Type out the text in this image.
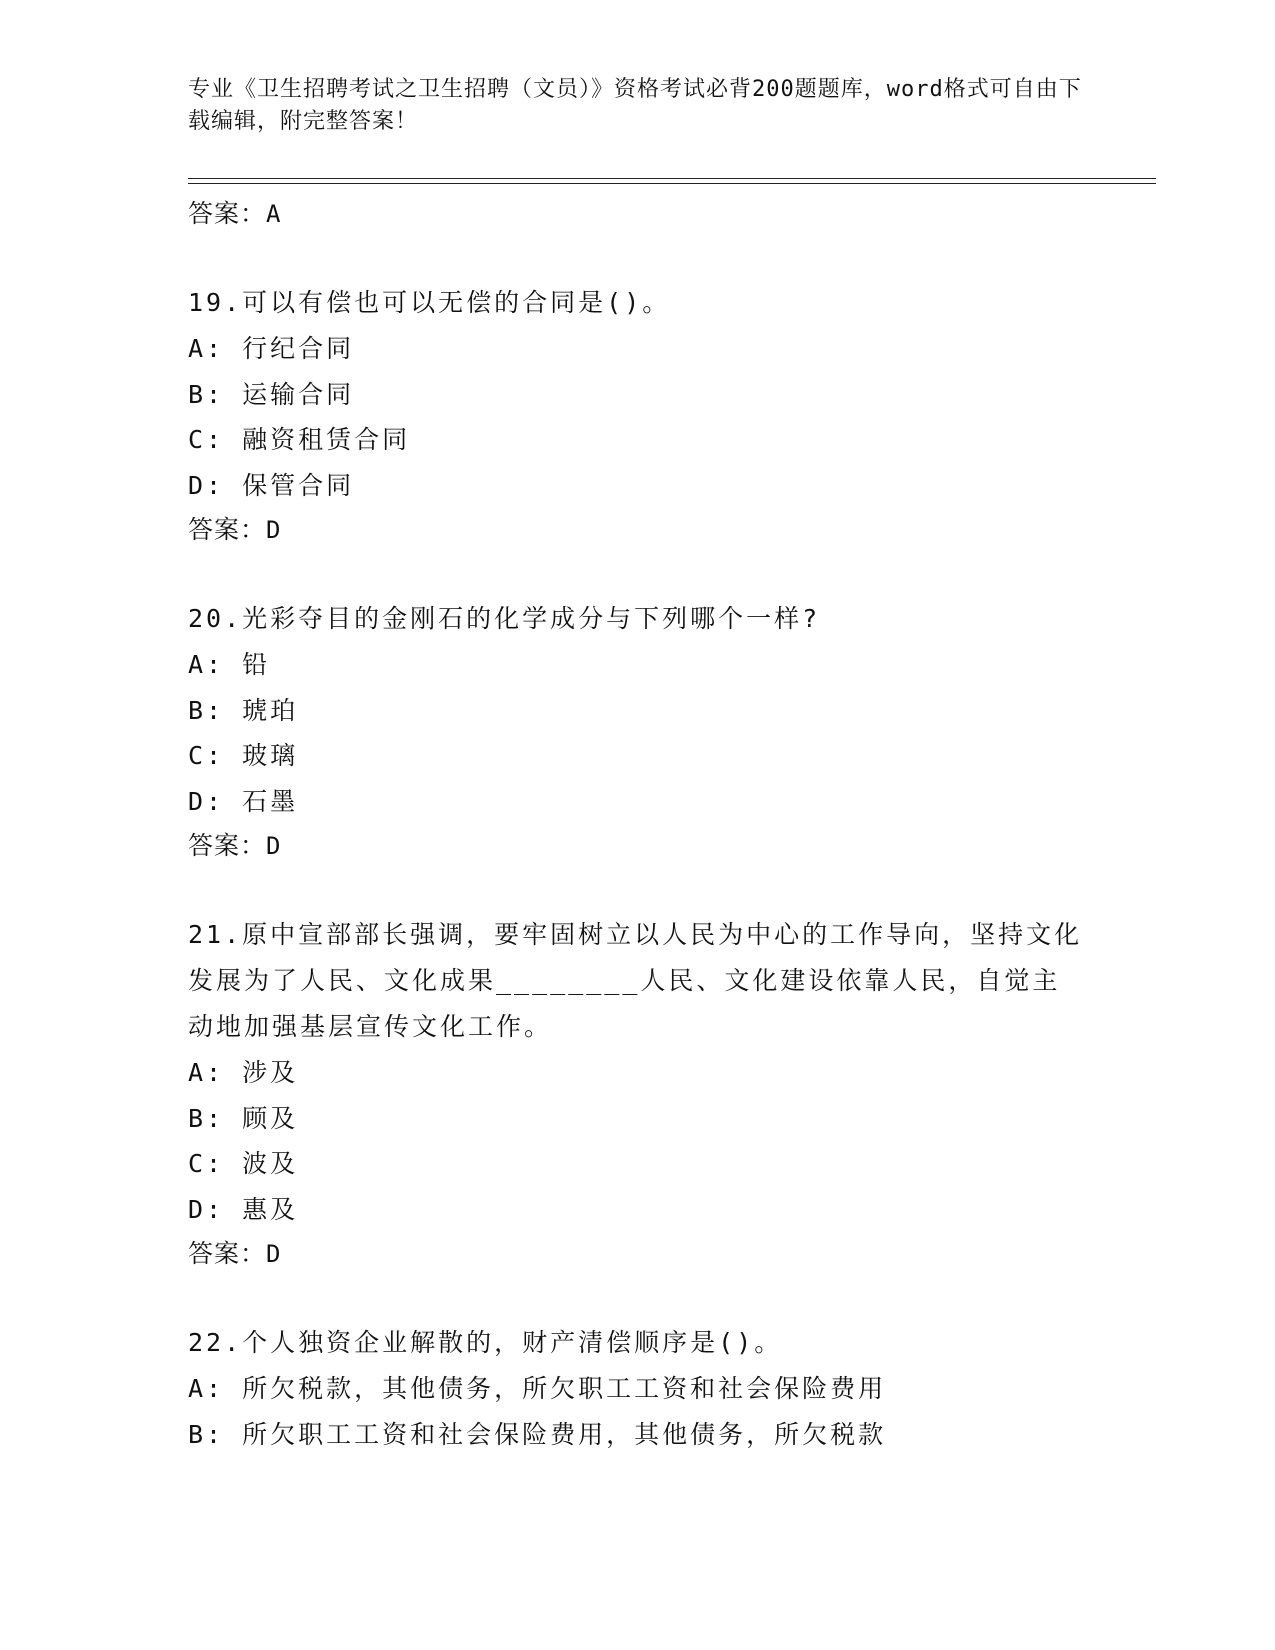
专业《卫生招聘考试之卫生招聘（文员）》资格考试必背200题题库，word格式可自由下载编辑，附完整答案！
答案：A
19.可以有偿也可以无偿的合同是()。
A: 行纪合同
B: 运输合同
C: 融资租赁合同
D: 保管合同
答案：D
20.光彩夺目的金刚石的化学成分与下列哪个一样?
A: 铅
B: 琥珀
C: 玻璃
D: 石墨
答案：D
21.原中宣部部长强调，要牢固树立以人民为中心的工作导向，坚持文化发展为了人民、文化成果________人民、文化建设依靠人民，自觉主动地加强基层宣传文化工作。
A: 涉及
B: 顾及
C: 波及
D: 惠及
答案：D
22.个人独资企业解散的，财产清偿顺序是()。
A: 所欠税款，其他债务，所欠职工工资和社会保险费用
B: 所欠职工工资和社会保险费用，其他债务，所欠税款
